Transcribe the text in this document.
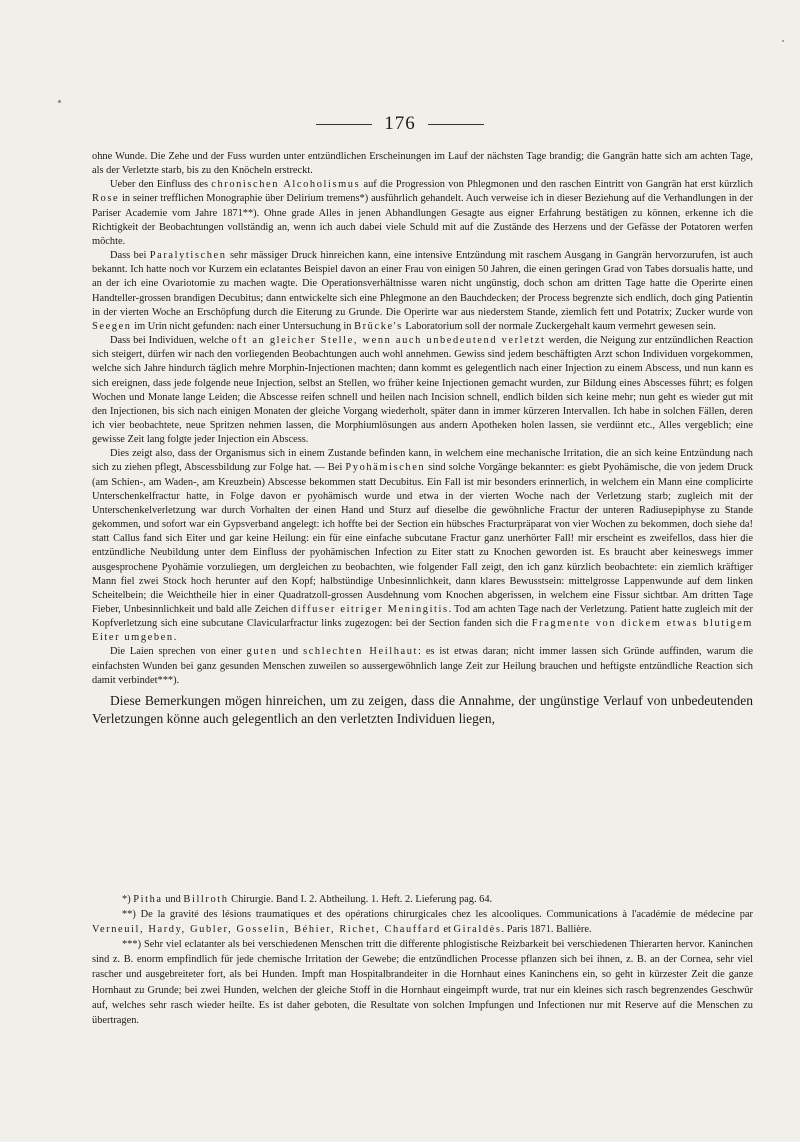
176

ohne Wunde. Die Zehe und der Fuss wurden unter entzündlichen Erscheinungen im Lauf der nächsten Tage brandig; die Gangrän hatte sich am achten Tage, als der Verletzte starb, bis zu den Knöcheln erstreckt.

Ueber den Einfluss des chronischen Alcoholismus auf die Progression von Phlegmonen und den raschen Eintritt von Gangrän hat erst kürzlich Rose in seiner trefflichen Monographie über Delirium tremens*) ausführlich gehandelt. Auch verweise ich in dieser Beziehung auf die Verhandlungen in der Pariser Academie vom Jahre 1871**). Ohne grade Alles in jenen Abhandlungen Gesagte aus eigner Erfahrung bestätigen zu können, erkenne ich die Richtigkeit der Beobachtungen vollständig an, wenn ich auch dabei viele Schuld mit auf die Zustände des Herzens und der Gefässe der Potatoren werfen möchte.

Dass bei Paralytischen sehr mässiger Druck hinreichen kann, eine intensive Entzündung mit raschem Ausgang in Gangrän hervorzurufen, ist auch bekannt. Ich hatte noch vor Kurzem ein eclatantes Beispiel davon an einer Frau von einigen 50 Jahren, die einen geringen Grad von Tabes dorsualis hatte, und an der ich eine Ovariotomie zu machen wagte. Die Operationsverhältnisse waren nicht ungünstig, doch schon am dritten Tage hatte die Operirte einen Handteller-grossen brandigen Decubitus; dann entwickelte sich eine Phlegmone an den Bauchdecken; der Process begrenzte sich endlich, doch ging Patientin in der vierten Woche an Erschöpfung durch die Eiterung zu Grunde. Die Operirte war aus niederstem Stande, ziemlich fett und Potatrix; Zucker wurde von Seegen im Urin nicht gefunden: nach einer Untersuchung in Brücke's Laboratorium soll der normale Zuckergehalt kaum vermehrt gewesen sein.

Dass bei Individuen, welche oft an gleicher Stelle, wenn auch unbedeutend verletzt werden, die Neigung zur entzündlichen Reaction sich steigert, dürfen wir nach den vorliegenden Beobachtungen auch wohl annehmen. Gewiss sind jedem beschäftigten Arzt schon Individuen vorgekommen, welche sich Jahre hindurch täglich mehre Morphin-Injectionen machten; dann kommt es gelegentlich nach einer Injection zu einem Abscess, und nun kann es sich ereignen, dass jede folgende neue Injection, selbst an Stellen, wo früher keine Injectionen gemacht wurden, zur Bildung eines Abscesses führt; es folgen Wochen und Monate lange Leiden; die Abscesse reifen schnell und heilen nach Incision schnell, endlich bilden sich keine mehr; nun geht es wieder gut mit den Injectionen, bis sich nach einigen Monaten der gleiche Vorgang wiederholt, später dann in immer kürzeren Intervallen. Ich habe in solchen Fällen, deren ich vier beobachtete, neue Spritzen nehmen lassen, die Morphiumlösungen aus andern Apotheken holen lassen, sie verdünnt etc., Alles vergeblich; eine gewisse Zeit lang folgte jeder Injection ein Abscess.

Dies zeigt also, dass der Organismus sich in einem Zustande befinden kann, in welchem eine mechanische Irritation, die an sich keine Entzündung nach sich zu ziehen pflegt, Abscessbildung zur Folge hat. — Bei Pyohämischen sind solche Vorgänge bekannter: es giebt Pyohämische, die von jedem Druck (am Schien-, am Waden-, am Kreuzbein) Abscesse bekommen statt Decubitus. Ein Fall ist mir besonders erinnerlich, in welchem ein Mann eine complicirte Unterschenkelfractur hatte, in Folge davon er pyohämisch wurde und etwa in der vierten Woche nach der Verletzung starb; zugleich mit der Unterschenkelverletzung war durch Vorhalten der einen Hand und Sturz auf dieselbe die gewöhnliche Fractur der unteren Radiusepiphyse zu Stande gekommen, und sofort war ein Gypsverband angelegt: ich hoffte bei der Section ein hübsches Fracturpräparat von vier Wochen zu bekommen, doch siehe da! statt Callus fand sich Eiter und gar keine Heilung: ein für eine einfache subcutane Fractur ganz unerhörter Fall! mir erscheint es zweifellos, dass hier die entzündliche Neubildung unter dem Einfluss der pyohämischen Infection zu Eiter statt zu Knochen geworden ist. Es braucht aber keineswegs immer ausgesprochene Pyohämie vorzuliegen, um dergleichen zu beobachten, wie folgender Fall zeigt, den ich ganz kürzlich beobachtete: ein ziemlich kräftiger Mann fiel zwei Stock hoch herunter auf den Kopf; halbstündige Unbesinnlichkeit, dann klares Bewusstsein: mittelgrosse Lappenwunde auf dem linken Scheitelbein; die Weichtheile hier in einer Quadratzoll-grossen Ausdehnung vom Knochen abgerissen, in welchem eine Fissur sichtbar. Am dritten Tage Fieber, Unbesinnlichkeit und bald alle Zeichen diffuser eitriger Meningitis. Tod am achten Tage nach der Verletzung. Patient hatte zugleich mit der Kopfverletzung sich eine subcutane Clavicularfractur links zugezogen: bei der Section fanden sich die Fragmente von dickem etwas blutigem Eiter umgeben.

Die Laien sprechen von einer guten und schlechten Heilhaut: es ist etwas daran; nicht immer lassen sich Gründe auffinden, warum die einfachsten Wunden bei ganz gesunden Menschen zuweilen so aussergewöhnlich lange Zeit zur Heilung brauchen und heftigste entzündliche Reaction sich damit verbindet***).

Diese Bemerkungen mögen hinreichen, um zu zeigen, dass die Annahme, der ungünstige Verlauf von unbedeutenden Verletzungen könne auch gelegentlich an den verletzten Individuen liegen,

*) Pitha und Billroth Chirurgie. Band I. 2. Abtheilung. 1. Heft. 2. Lieferung pag. 64.

**) De la gravité des lésions traumatiques et des opérations chirurgicales chez les alcooliques. Communications à l'académie de médecine par Verneuil, Hardy, Gubler, Gosselin, Béhier, Richet, Chauffard et Giraldès. Paris 1871. Ballière.

***) Sehr viel eclatanter als bei verschiedenen Menschen tritt die differente phlogistische Reizbarkeit bei verschiedenen Thierarten hervor. Kaninchen sind z. B. enorm empfindlich für jede chemische Irritation der Gewebe; die entzündlichen Processe pflanzen sich bei ihnen, z. B. an der Cornea, sehr viel rascher und ausgebreiteter fort, als bei Hunden. Impft man Hospitalbrandeiter in die Hornhaut eines Kaninchens ein, so geht in kürzester Zeit die ganze Hornhaut zu Grunde; bei zwei Hunden, welchen der gleiche Stoff in die Hornhaut eingeimpft wurde, trat nur ein kleines sich rasch begrenzendes Geschwür auf, welches sehr rasch wieder heilte. Es ist daher geboten, die Resultate von solchen Impfungen und Infectionen nur mit Reserve auf die Menschen zu übertragen.
